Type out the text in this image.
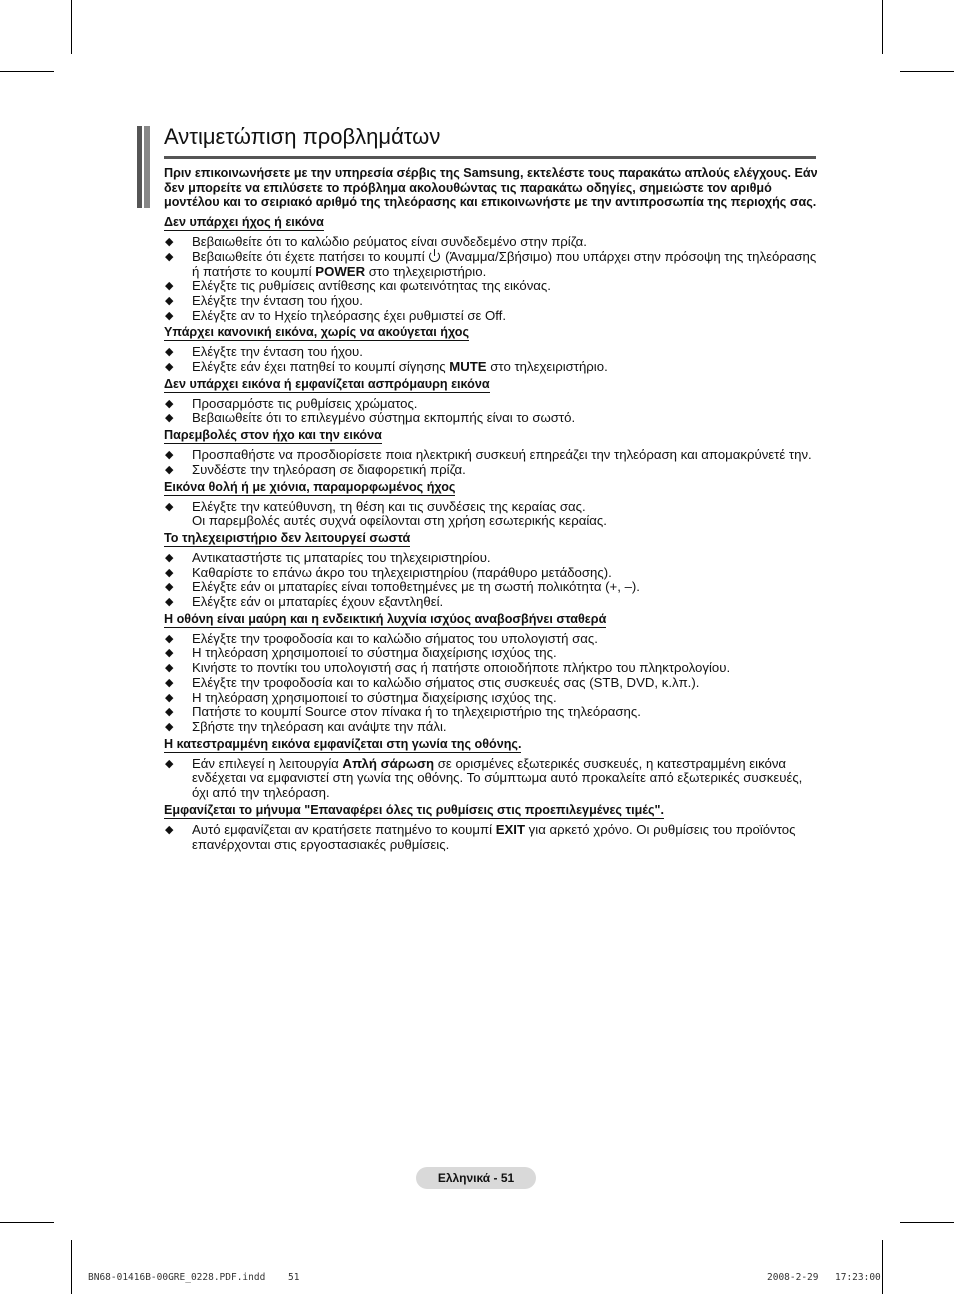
Αντιμετώπιση προβλημάτων

Πριν επικοινωνήσετε με την υπηρεσία σέρβις της Samsung, εκτελέστε τους παρακάτω απλούς ελέγχους. Εάν δεν μπορείτε να επιλύσετε το πρόβλημα ακολουθώντας τις παρακάτω οδηγίες, σημειώστε τον αριθμό μοντέλου και το σειριακό αριθμό της τηλεόρασης και επικοινωνήστε με την αντιπροσωπία της περιοχής σας.

Δεν υπάρχει ήχος ή εικόνα
◆ Βεβαιωθείτε ότι το καλώδιο ρεύματος είναι συνδεδεμένο στην πρίζα.
◆ Βεβαιωθείτε ότι έχετε πατήσει το κουμπί (Άναμμα/Σβήσιμο) που υπάρχει στην πρόσοψη της τηλεόρασης ή πατήστε το κουμπί POWER στο τηλεχειριστήριο.
◆ Ελέγξτε τις ρυθμίσεις αντίθεσης και φωτεινότητας της εικόνας.
◆ Ελέγξτε την ένταση του ήχου.
◆ Ελέγξτε αν το Ηχείο τηλεόρασης έχει ρυθμιστεί σε Off.
Υπάρχει κανονική εικόνα, χωρίς να ακούγεται ήχος
◆ Ελέγξτε την ένταση του ήχου.
◆ Ελέγξτε εάν έχει πατηθεί το κουμπί σίγησης MUTE στο τηλεχειριστήριο.
Δεν υπάρχει εικόνα ή εμφανίζεται ασπρόμαυρη εικόνα
◆ Προσαρμόστε τις ρυθμίσεις χρώματος.
◆ Βεβαιωθείτε ότι το επιλεγμένο σύστημα εκπομπής είναι το σωστό.
Παρεμβολές στον ήχο και την εικόνα
◆ Προσπαθήστε να προσδιορίσετε ποια ηλεκτρική συσκευή επηρεάζει την τηλεόραση και απομακρύνετέ την.
◆ Συνδέστε την τηλεόραση σε διαφορετική πρίζα.
Εικόνα θολή ή με χιόνια, παραμορφωμένος ήχος
◆ Ελέγξτε την κατεύθυνση, τη θέση και τις συνδέσεις της κεραίας σας.
Οι παρεμβολές αυτές συχνά οφείλονται στη χρήση εσωτερικής κεραίας.
Το τηλεχειριστήριο δεν λειτουργεί σωστά
◆ Αντικαταστήστε τις μπαταρίες του τηλεχειριστηρίου.
◆ Καθαρίστε το επάνω άκρο του τηλεχειριστηρίου (παράθυρο μετάδοσης).
◆ Ελέγξτε εάν οι μπαταρίες είναι τοποθετημένες με τη σωστή πολικότητα (+, –).
◆ Ελέγξτε εάν οι μπαταρίες έχουν εξαντληθεί.
Η οθόνη είναι μαύρη και η ενδεικτική λυχνία ισχύος αναβοσβήνει σταθερά
◆ Ελέγξτε την τροφοδοσία και το καλώδιο σήματος του υπολογιστή σας.
◆ Η τηλεόραση χρησιμοποιεί το σύστημα διαχείρισης ισχύος της.
◆ Κινήστε το ποντίκι του υπολογιστή σας ή πατήστε οποιοδήποτε πλήκτρο του πληκτρολογίου.
◆ Ελέγξτε την τροφοδοσία και το καλώδιο σήματος στις συσκευές σας (STB, DVD, κ.λπ.).
◆ Η τηλεόραση χρησιμοποιεί το σύστημα διαχείρισης ισχύος της.
◆ Πατήστε το κουμπί Source στον πίνακα ή το τηλεχειριστήριο της τηλεόρασης.
◆ Σβήστε την τηλεόραση και ανάψτε την πάλι.
Η κατεστραμμένη εικόνα εμφανίζεται στη γωνία της οθόνης.
◆ Εάν επιλεγεί η λειτουργία Απλή σάρωση σε ορισμένες εξωτερικές συσκευές, η κατεστραμμένη εικόνα ενδέχεται να εμφανιστεί στη γωνία της οθόνης. Το σύμπτωμα αυτό προκαλείτε από εξωτερικές συσκευές, όχι από την τηλεόραση.
Εμφανίζεται το μήνυμα "Επαναφέρει όλες τις ρυθμίσεις στις προεπιλεγμένες τιμές".
◆ Αυτό εμφανίζεται αν κρατήσετε πατημένο το κουμπί EXIT για αρκετό χρόνο. Οι ρυθμίσεις του προϊόντος επανέρχονται στις εργοστασιακές ρυθμίσεις.
Ελληνικά - 51
BN68-01416B-00GRE_0228.PDF.indd 51	2008-2-29 17:23:00
